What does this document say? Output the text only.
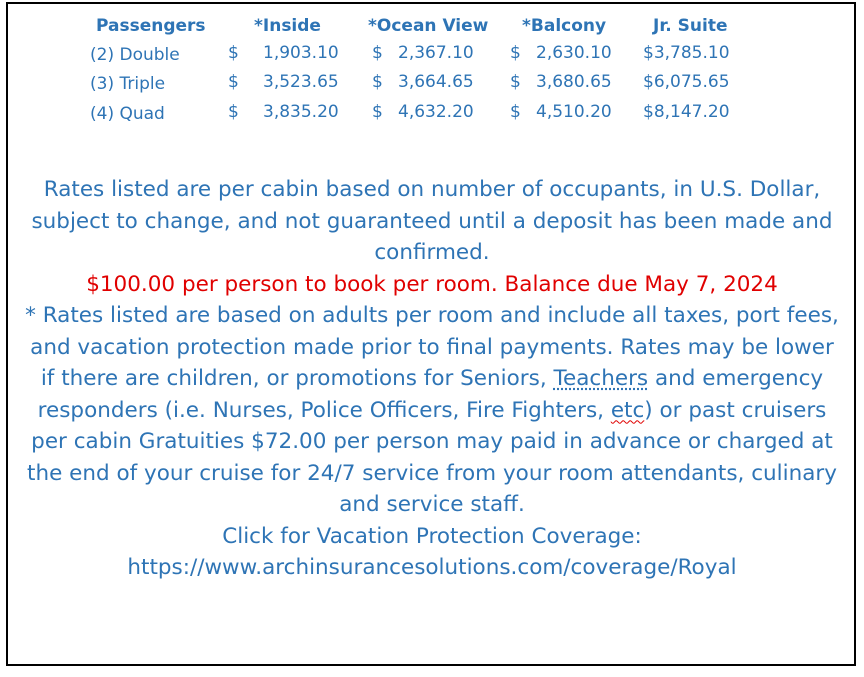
Passengers	*Inside	*Ocean View *Balcony	Jr. Suite
(2) Double	$ 1,903.10 $ 2,367.10 $ 2,630.10 $3,785.10
(3) Triple	$ 3,523.65 $ 3,664.65 $ 3,680.65 $6,075.65
(4) Quad	$ 3,835.20 $ 4,632.20 $ 4,510.20 $8,147.20

Rates listed are per cabin based on number of occupants, in U.S. Dollar, subject to change, and not guaranteed until a deposit has been made and confirmed.

$100.00 per person to book per room. Balance due May 7, 2024

* Rates listed are based on adults per room and include all taxes, port fees, and vacation protection made prior to final payments. Rates may be lower if there are children, or promotions for Seniors, Teachers and emergency responders (i.e. Nurses, Police Officers, Fire Fighters, etc) or past cruisers per cabin Gratuities $72.00 per person may paid in advance or charged at the end of your cruise for 24/7 service from your room attendants, culinary and service staff.

Click for Vacation Protection Coverage:

https://www.archinsurancesolutions.com/coverage/Royal
